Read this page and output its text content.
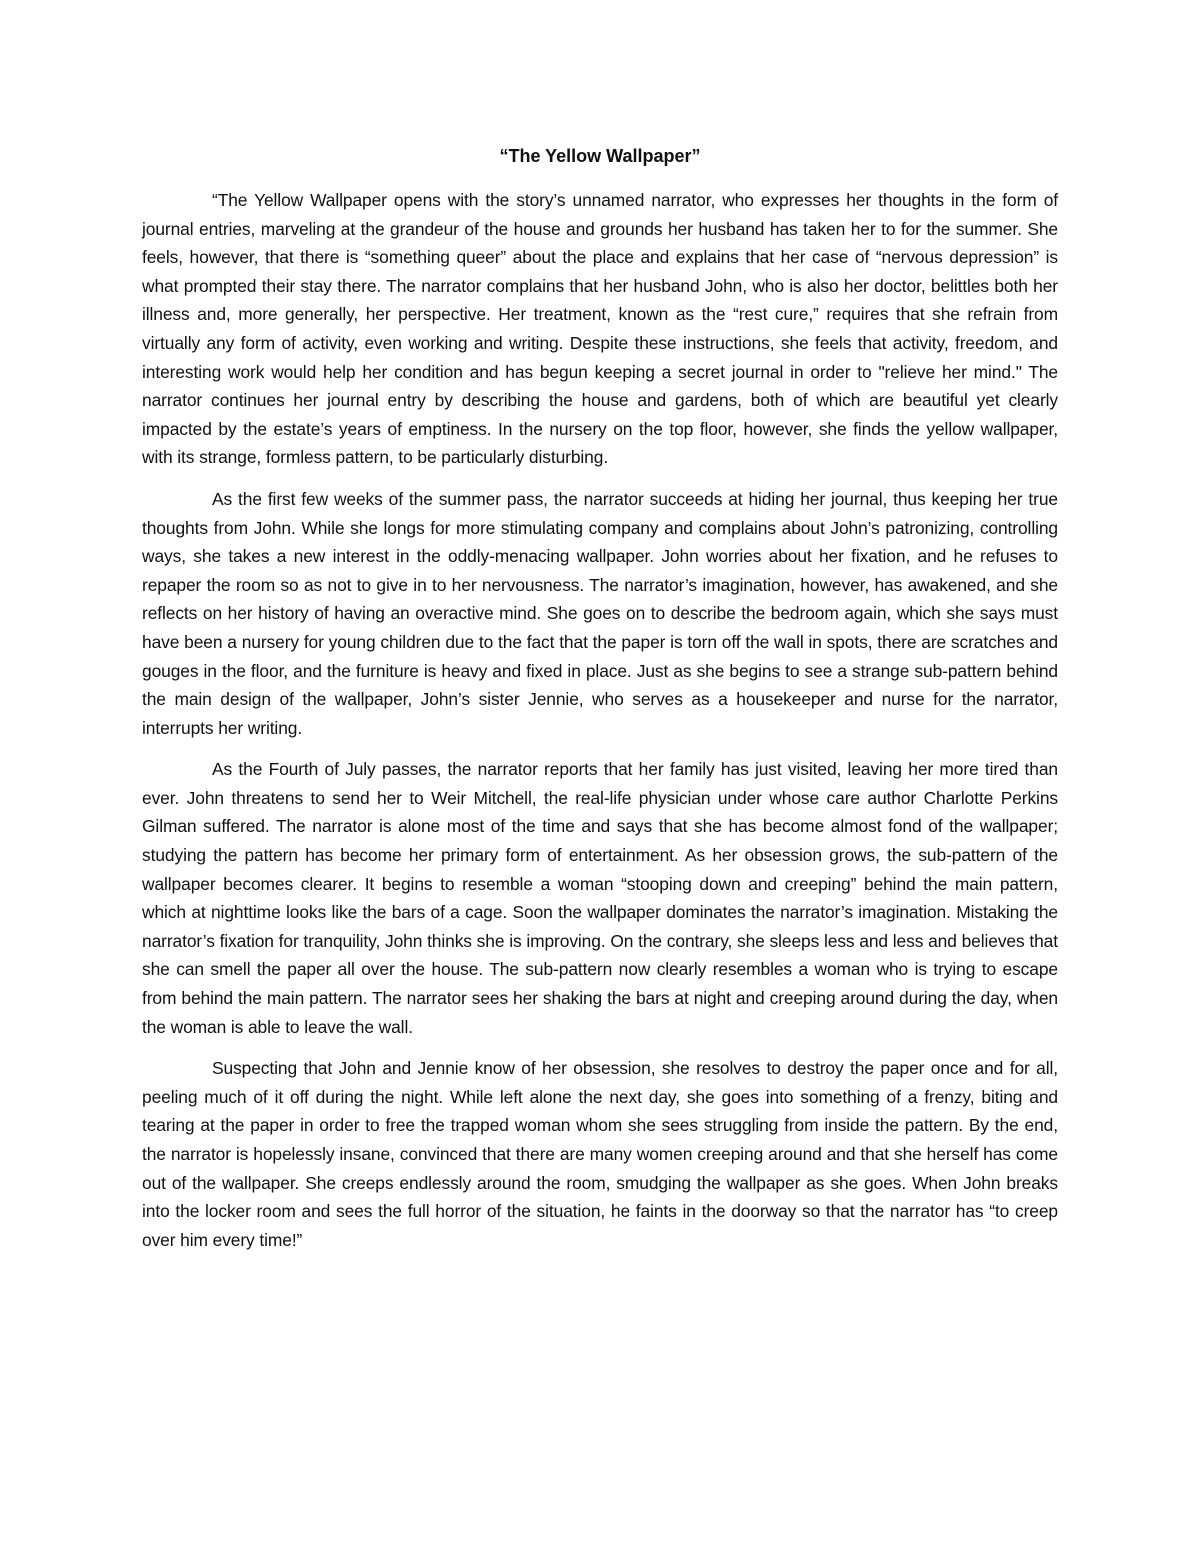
“The Yellow Wallpaper”

“The Yellow Wallpaper opens with the story’s unnamed narrator, who expresses her thoughts in the form of journal entries, marveling at the grandeur of the house and grounds her husband has taken her to for the summer. She feels, however, that there is “something queer” about the place and explains that her case of “nervous depression” is what prompted their stay there. The narrator complains that her husband John, who is also her doctor, belittles both her illness and, more generally, her perspective. Her treatment, known as the “rest cure,” requires that she refrain from virtually any form of activity, even working and writing. Despite these instructions, she feels that activity, freedom, and interesting work would help her condition and has begun keeping a secret journal in order to "relieve her mind." The narrator continues her journal entry by describing the house and gardens, both of which are beautiful yet clearly impacted by the estate’s years of emptiness. In the nursery on the top floor, however, she finds the yellow wallpaper, with its strange, formless pattern, to be particularly disturbing.

As the first few weeks of the summer pass, the narrator succeeds at hiding her journal, thus keeping her true thoughts from John. While she longs for more stimulating company and complains about John’s patronizing, controlling ways, she takes a new interest in the oddly-menacing wallpaper. John worries about her fixation, and he refuses to repaper the room so as not to give in to her nervousness. The narrator’s imagination, however, has awakened, and she reflects on her history of having an overactive mind. She goes on to describe the bedroom again, which she says must have been a nursery for young children due to the fact that the paper is torn off the wall in spots, there are scratches and gouges in the floor, and the furniture is heavy and fixed in place. Just as she begins to see a strange sub-pattern behind the main design of the wallpaper, John’s sister Jennie, who serves as a housekeeper and nurse for the narrator, interrupts her writing.

As the Fourth of July passes, the narrator reports that her family has just visited, leaving her more tired than ever. John threatens to send her to Weir Mitchell, the real-life physician under whose care author Charlotte Perkins Gilman suffered. The narrator is alone most of the time and says that she has become almost fond of the wallpaper; studying the pattern has become her primary form of entertainment. As her obsession grows, the sub-pattern of the wallpaper becomes clearer. It begins to resemble a woman “stooping down and creeping” behind the main pattern, which at nighttime looks like the bars of a cage. Soon the wallpaper dominates the narrator’s imagination. Mistaking the narrator’s fixation for tranquility, John thinks she is improving. On the contrary, she sleeps less and less and believes that she can smell the paper all over the house. The sub-pattern now clearly resembles a woman who is trying to escape from behind the main pattern. The narrator sees her shaking the bars at night and creeping around during the day, when the woman is able to leave the wall.

Suspecting that John and Jennie know of her obsession, she resolves to destroy the paper once and for all, peeling much of it off during the night. While left alone the next day, she goes into something of a frenzy, biting and tearing at the paper in order to free the trapped woman whom she sees struggling from inside the pattern. By the end, the narrator is hopelessly insane, convinced that there are many women creeping around and that she herself has come out of the wallpaper. She creeps endlessly around the room, smudging the wallpaper as she goes. When John breaks into the locker room and sees the full horror of the situation, he faints in the doorway so that the narrator has “to creep over him every time!”
